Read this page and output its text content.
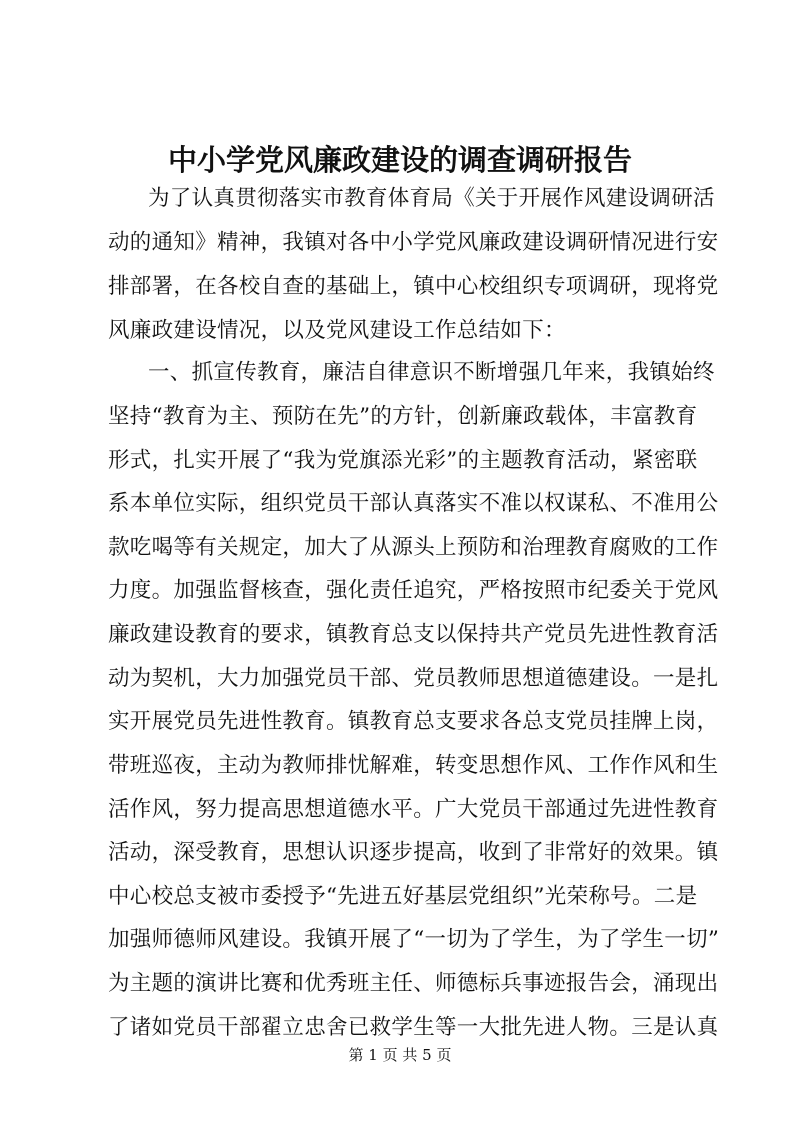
中小学党风廉政建设的调查调研报告
为了认真贯彻落实市教育体育局《关于开展作风建设调研活
动的通知》精神，我镇对各中小学党风廉政建设调研情况进行安
排部署，在各校自查的基础上，镇中心校组织专项调研，现将党
风廉政建设情况，以及党风建设工作总结如下：
一、抓宣传教育，廉洁自律意识不断增强几年来，我镇始终
坚持“教育为主、预防在先”的方针，创新廉政载体，丰富教育
形式，扎实开展了“我为党旗添光彩”的主题教育活动，紧密联
系本单位实际，组织党员干部认真落实不准以权谋私、不准用公
款吃喝等有关规定，加大了从源头上预防和治理教育腐败的工作
力度。加强监督核查，强化责任追究，严格按照市纪委关于党风
廉政建设教育的要求，镇教育总支以保持共产党员先进性教育活
动为契机，大力加强党员干部、党员教师思想道德建设。一是扎
实开展党员先进性教育。镇教育总支要求各总支党员挂牌上岗，
带班巡夜，主动为教师排忧解难，转变思想作风、工作作风和生
活作风，努力提高思想道德水平。广大党员干部通过先进性教育
活动，深受教育，思想认识逐步提高，收到了非常好的效果。镇
中心校总支被市委授予“先进五好基层党组织”光荣称号。二是
加强师德师风建设。我镇开展了“一切为了学生，为了学生一切”
为主题的演讲比赛和优秀班主任、师德标兵事迹报告会，涌现出
了诸如党员干部翟立忠舍已救学生等一大批先进人物。三是认真
第 1 页 共 5 页
